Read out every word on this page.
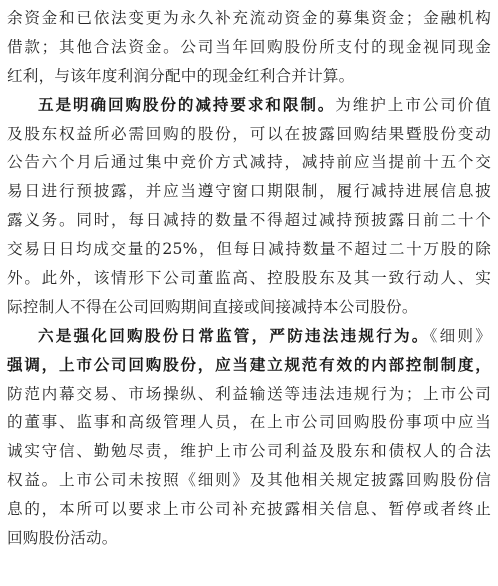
余资金和已依法变更为永久补充流动资金的募集资金；金融机构
借款；其他合法资金。公司当年回购股份所支付的现金视同现金
红利，与该年度利润分配中的现金红利合并计算。
五是明确回购股份的减持要求和限制。为维护上市公司价值
及股东权益所必需回购的股份，可以在披露回购结果暨股份变动
公告六个月后通过集中竞价方式减持，减持前应当提前十五个交
易日进行预披露，并应当遵守窗口期限制，履行减持进展信息披
露义务。同时，每日减持的数量不得超过减持预披露日前二十个
交易日日均成交量的25%，但每日减持数量不超过二十万股的除
外。此外，该情形下公司董监高、控股股东及其一致行动人、实
际控制人不得在公司回购期间直接或间接减持本公司股份。
六是强化回购股份日常监管，严防违法违规行为。《细则》
强调，上市公司回购股份，应当建立规范有效的内部控制制度，
防范内幕交易、市场操纵、利益输送等违法违规行为；上市公司
的董事、监事和高级管理人员，在上市公司回购股份事项中应当
诚实守信、勤勉尽责，维护上市公司利益及股东和债权人的合法
权益。上市公司未按照《细则》及其他相关规定披露回购股份信
息的，本所可以要求上市公司补充披露相关信息、暂停或者终止
回购股份活动。
